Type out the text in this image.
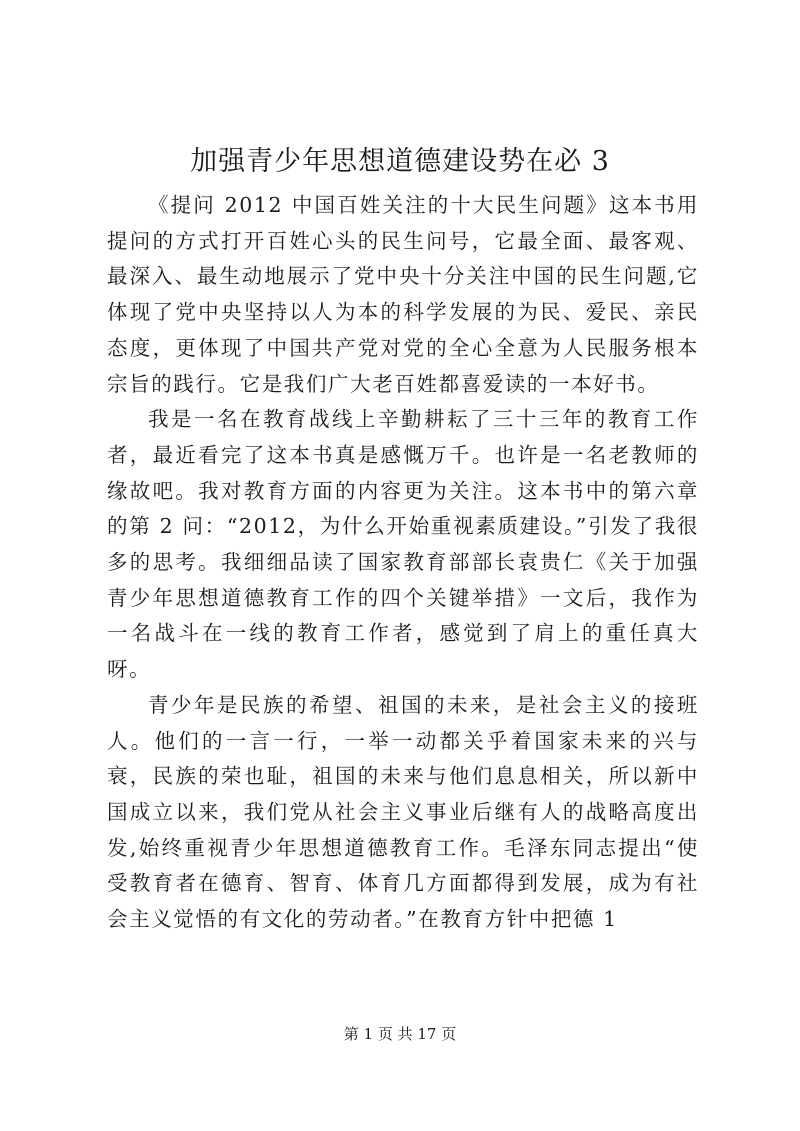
加强青少年思想道德建设势在必 3

《提问 2012 中国百姓关注的十大民生问题》这本书用提问的方式打开百姓心头的民生问号，它最全面、最客观、最深入、最生动地展示了党中央十分关注中国的民生问题,它体现了党中央坚持以人为本的科学发展的为民、爱民、亲民态度，更体现了中国共产党对党的全心全意为人民服务根本宗旨的践行。它是我们广大老百姓都喜爱读的一本好书。

我是一名在教育战线上辛勤耕耘了三十三年的教育工作者，最近看完了这本书真是感慨万千。也许是一名老教师的缘故吧。我对教育方面的内容更为关注。这本书中的第六章的第 2 问：“2012，为什么开始重视素质建设。”引发了我很多的思考。我细细品读了国家教育部部长袁贵仁《关于加强青少年思想道德教育工作的四个关键举措》一文后，我作为一名战斗在一线的教育工作者，感觉到了肩上的重任真大呀。

青少年是民族的希望、祖国的未来，是社会主义的接班人。他们的一言一行，一举一动都关乎着国家未来的兴与衰，民族的荣也耻，祖国的未来与他们息息相关，所以新中国成立以来，我们党从社会主义事业后继有人的战略高度出发,始终重视青少年思想道德教育工作。毛泽东同志提出“使受教育者在德育、智育、体育几方面都得到发展，成为有社会主义觉悟的有文化的劳动者。”在教育方针中把德 1

第 1 页 共 17 页
